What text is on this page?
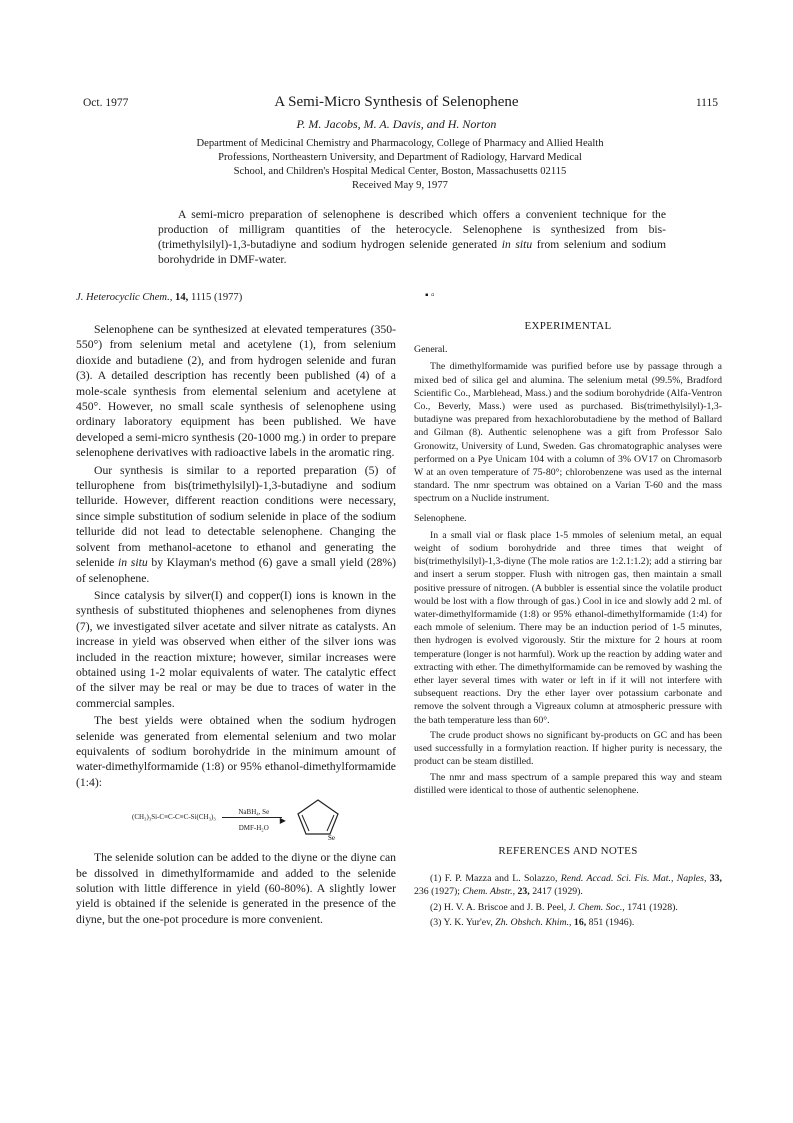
Oct. 1977	A Semi-Micro Synthesis of Selenophene	1115
P. M. Jacobs, M. A. Davis, and H. Norton
Department of Medicinal Chemistry and Pharmacology, College of Pharmacy and Allied Health
Professions, Northeastern University, and Department of Radiology, Harvard Medical
School, and Children's Hospital Medical Center, Boston, Massachusetts 02115
Received May 9, 1977
A semi-micro preparation of selenophene is described which offers a convenient technique for the production of milligram quantities of the heterocycle. Selenophene is synthesized from bis-(trimethylsilyl)-1,3-butadiyne and sodium hydrogen selenide generated in situ from selenium and sodium borohydride in DMF-water.
J. Heterocyclic Chem., 14, 1115 (1977)	▪ ▫

Selenophene can be synthesized at elevated temperatures (350-550°) from selenium metal and acetylene (1), from selenium dioxide and butadiene (2), and from hydrogen selenide and furan (3). A detailed description has recently been published (4) of a mole-scale synthesis from elemental selenium and acetylene at 450°. However, no small scale synthesis of selenophene using ordinary laboratory equipment has been published. We have developed a semi-micro synthesis (20-1000 mg.) in order to prepare selenophene derivatives with radioactive labels in the aromatic ring.

Our synthesis is similar to a reported preparation (5) of tellurophene from bis(trimethylsilyl)-1,3-butadiyne and sodium telluride. However, different reaction conditions were necessary, since simple substitution of sodium selenide in place of the sodium telluride did not lead to detectable selenophene. Changing the solvent from methanol-acetone to ethanol and generating the selenide in situ by Klayman's method (6) gave a small yield (28%) of selenophene.

Since catalysis by silver(I) and copper(I) ions is known in the synthesis of substituted thiophenes and selenophenes from diynes (7), we investigated silver acetate and silver nitrate as catalysts. An increase in yield was observed when either of the silver ions was included in the reaction mixture; however, similar increases were obtained using 1-2 molar equivalents of water. The catalytic effect of the silver may be real or may be due to traces of water in the commercial samples.

The best yields were obtained when the sodium hydrogen selenide was generated from elemental selenium and two molar equivalents of sodium borohydride in the minimum amount of water-dimethylformamide (1:8) or 95% ethanol-dimethylformamide (1:4):

(CH₃)₃Si-C≡C-C≡C-Si(CH₃)₃
NaBH₄, Se
▶
DMF-H₂O
Se

The selenide solution can be added to the diyne or the diyne can be dissolved in dimethylformamide and added to the selenide solution with little difference in yield (60-80%). A slightly lower yield is obtained if the selenide is generated in the presence of the diyne, but the one-pot procedure is more convenient.

EXPERIMENTAL

General.

The dimethylformamide was purified before use by passage through a mixed bed of silica gel and alumina. The selenium metal (99.5%, Bradford Scientific Co., Marblehead, Mass.) and the sodium borohydride (Alfa-Ventron Co., Beverly, Mass.) were used as purchased. Bis(trimethylsilyl)-1,3-butadiyne was prepared from hexachlorobutadiene by the method of Ballard and Gilman (8). Authentic selenophene was a gift from Professor Salo Gronowitz, University of Lund, Sweden. Gas chromatographic analyses were performed on a Pye Unicam 104 with a column of 3% OV17 on Chromasorb W at an oven temperature of 75-80°; chlorobenzene was used as the internal standard. The nmr spectrum was obtained on a Varian T-60 and the mass spectrum on a Nuclide instrument.

Selenophene.

In a small vial or flask place 1-5 mmoles of selenium metal, an equal weight of sodium borohydride and three times that weight of bis(trimethylsilyl)-1,3-diyne (The mole ratios are 1:2.1:1.2); add a stirring bar and insert a serum stopper. Flush with nitrogen gas, then maintain a small positive pressure of nitrogen. (A bubbler is essential since the volatile product would be lost with a flow through of gas.) Cool in ice and slowly add 2 ml. of water-dimethylformamide (1:8) or 95% ethanol-dimethylformamide (1:4) for each mmole of selenium. There may be an induction period of 1-5 minutes, then hydrogen is evolved vigorously. Stir the mixture for 2 hours at room temperature (longer is not harmful). Work up the reaction by adding water and extracting with ether. The dimethylformamide can be removed by washing the ether layer several times with water or left in if it will not interfere with subsequent reactions. Dry the ether layer over potassium carbonate and remove the solvent through a Vigreaux column at atmospheric pressure with the bath temperature less than 60°.

The crude product shows no significant by-products on GC and has been used successfully in a formylation reaction. If higher purity is necessary, the product can be steam distilled.

The nmr and mass spectrum of a sample prepared this way and steam distilled were identical to those of authentic selenophene.

REFERENCES AND NOTES

(1) F. P. Mazza and L. Solazzo, Rend. Accad. Sci. Fis. Mat., Naples, 33, 236 (1927); Chem. Abstr., 23, 2417 (1929).

(2) H. V. A. Briscoe and J. B. Peel, J. Chem. Soc., 1741 (1928).

(3) Y. K. Yur'ev, Zh. Obshch. Khim., 16, 851 (1946).
